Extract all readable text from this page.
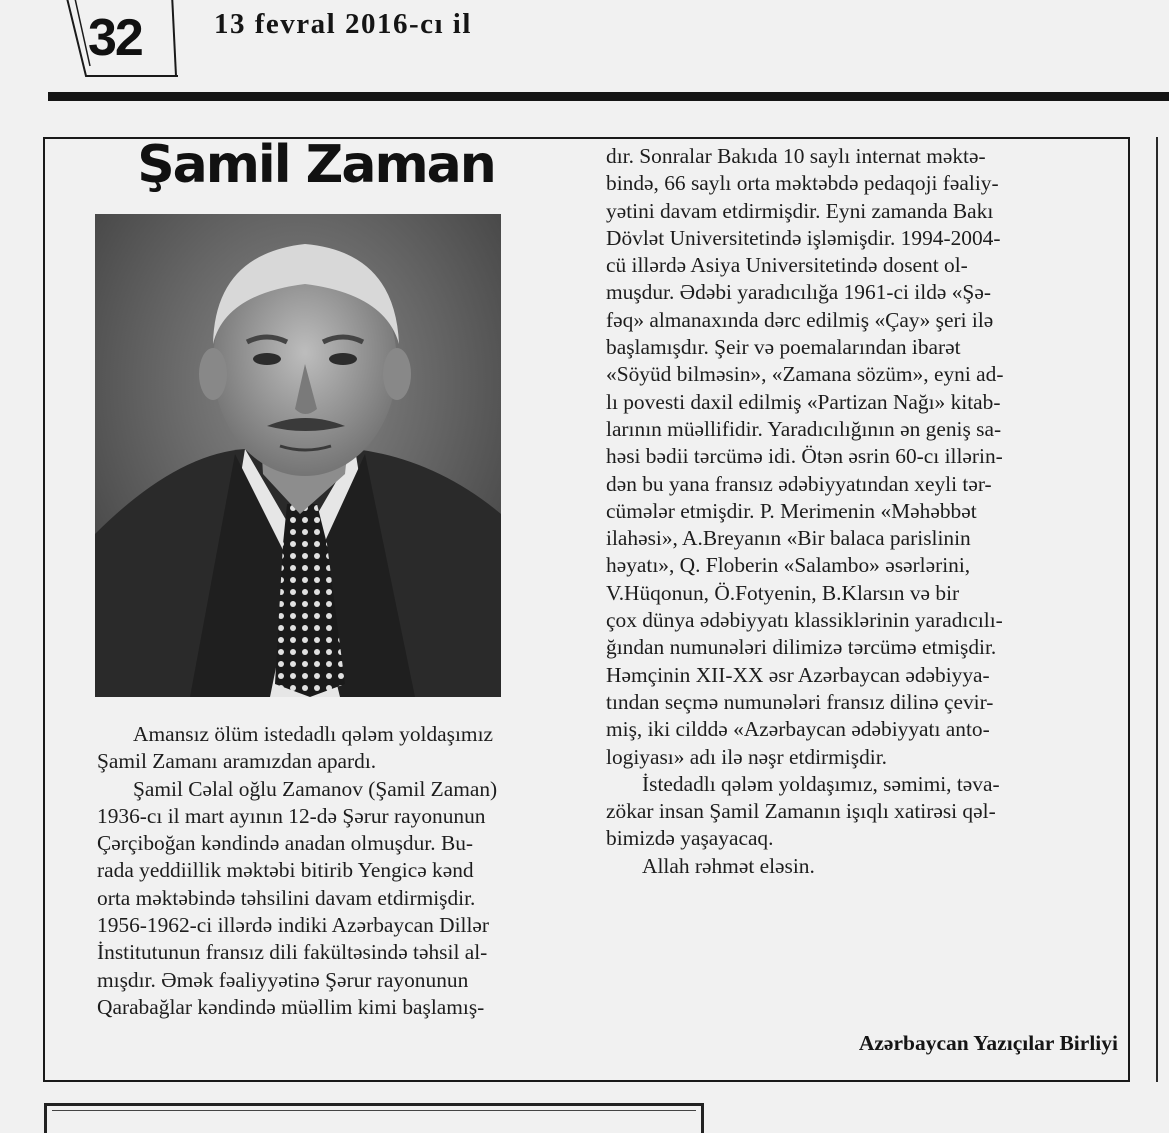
32 13 fevral 2016-cı il
Şamil Zaman

Amansız ölüm istedadlı qələm yoldaşımız

Şamil Zamanı aramızdan apardı.

Şamil Cəlal oğlu Zamanov (Şamil Zaman)

1936-cı il mart ayının 12-də Şərur rayonunun

Çərçiboğan kəndində anadan olmuşdur. Bu-

rada yeddiillik məktəbi bitirib Yengicə kənd

orta məktəbində təhsilini davam etdirmişdir.

1956-1962-ci illərdə indiki Azərbaycan Dillər

İnstitutunun fransız dili fakültəsində təhsil al-

mışdır. Əmək fəaliyyətinə Şərur rayonunun

Qarabağlar kəndində müəllim kimi başlamış-

dır. Sonralar Bakıda 10 saylı internat məktə-

bində, 66 saylı orta məktəbdə pedaqoji fəaliy-

yətini davam etdirmişdir. Eyni zamanda Bakı

Dövlət Universitetində işləmişdir. 1994-2004-

cü illərdə Asiya Universitetində dosent ol-

muşdur. Ədəbi yaradıcılığa 1961-ci ildə «Şə-

fəq» almanaxında dərc edilmiş «Çay» şeri ilə

başlamışdır. Şeir və poemalarından ibarət

«Söyüd bilməsin», «Zamana sözüm», eyni ad-

lı povesti daxil edilmiş «Partizan Nağı» kitab-

larının müəllifidir. Yaradıcılığının ən geniş sa-

həsi bədii tərcümə idi. Ötən əsrin 60-cı illərin-

dən bu yana fransız ədəbiyyatından xeyli tər-

cümələr etmişdir. P. Merimenin «Məhəbbət

ilahəsi», A.Breyanın «Bir balaca parislinin

həyatı», Q. Floberin «Salambo» əsərlərini,

V.Hüqonun, Ö.Fotyenin, B.Klarsın və bir

çox dünya ədəbiyyatı klassiklərinin yaradıcılı-

ğından numunələri dilimizə tərcümə etmişdir.

Həmçinin XII-XX əsr Azərbaycan ədəbiyya-

tından seçmə numunələri fransız dilinə çevir-

miş, iki cilddə «Azərbaycan ədəbiyyatı anto-

logiyası» adı ilə nəşr etdirmişdir.

İstedadlı qələm yoldaşımız, səmimi, təva-

zökar insan Şamil Zamanın işıqlı xatirəsi qəl-

bimizdə yaşayacaq.

Allah rəhmət eləsin.

Azərbaycan Yazıçılar Birliyi
